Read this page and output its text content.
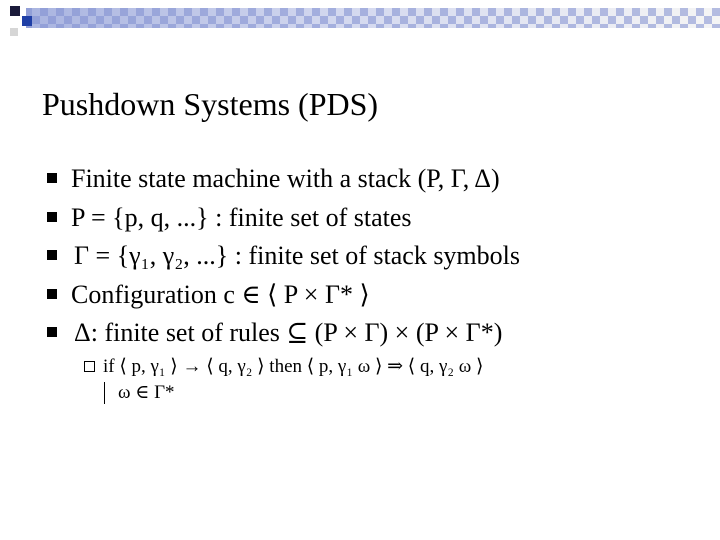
Pushdown Systems (PDS)
Finite state machine with a stack (P, Γ, Δ)
P = {p, q, ...} : finite set of states
Γ = {γ₁, γ₂, ...} : finite set of stack symbols
Configuration c ∈ ⟨ P × Γ* ⟩
Δ: finite set of rules ⊆ (P × Γ) × (P × Γ*)
if ⟨ p, γ₁ ⟩ → ⟨ q, γ₂ ⟩ then ⟨ p, γ₁ ω ⟩ ⇒ ⟨ q, γ₂ ω ⟩
ω ∈ Γ*
